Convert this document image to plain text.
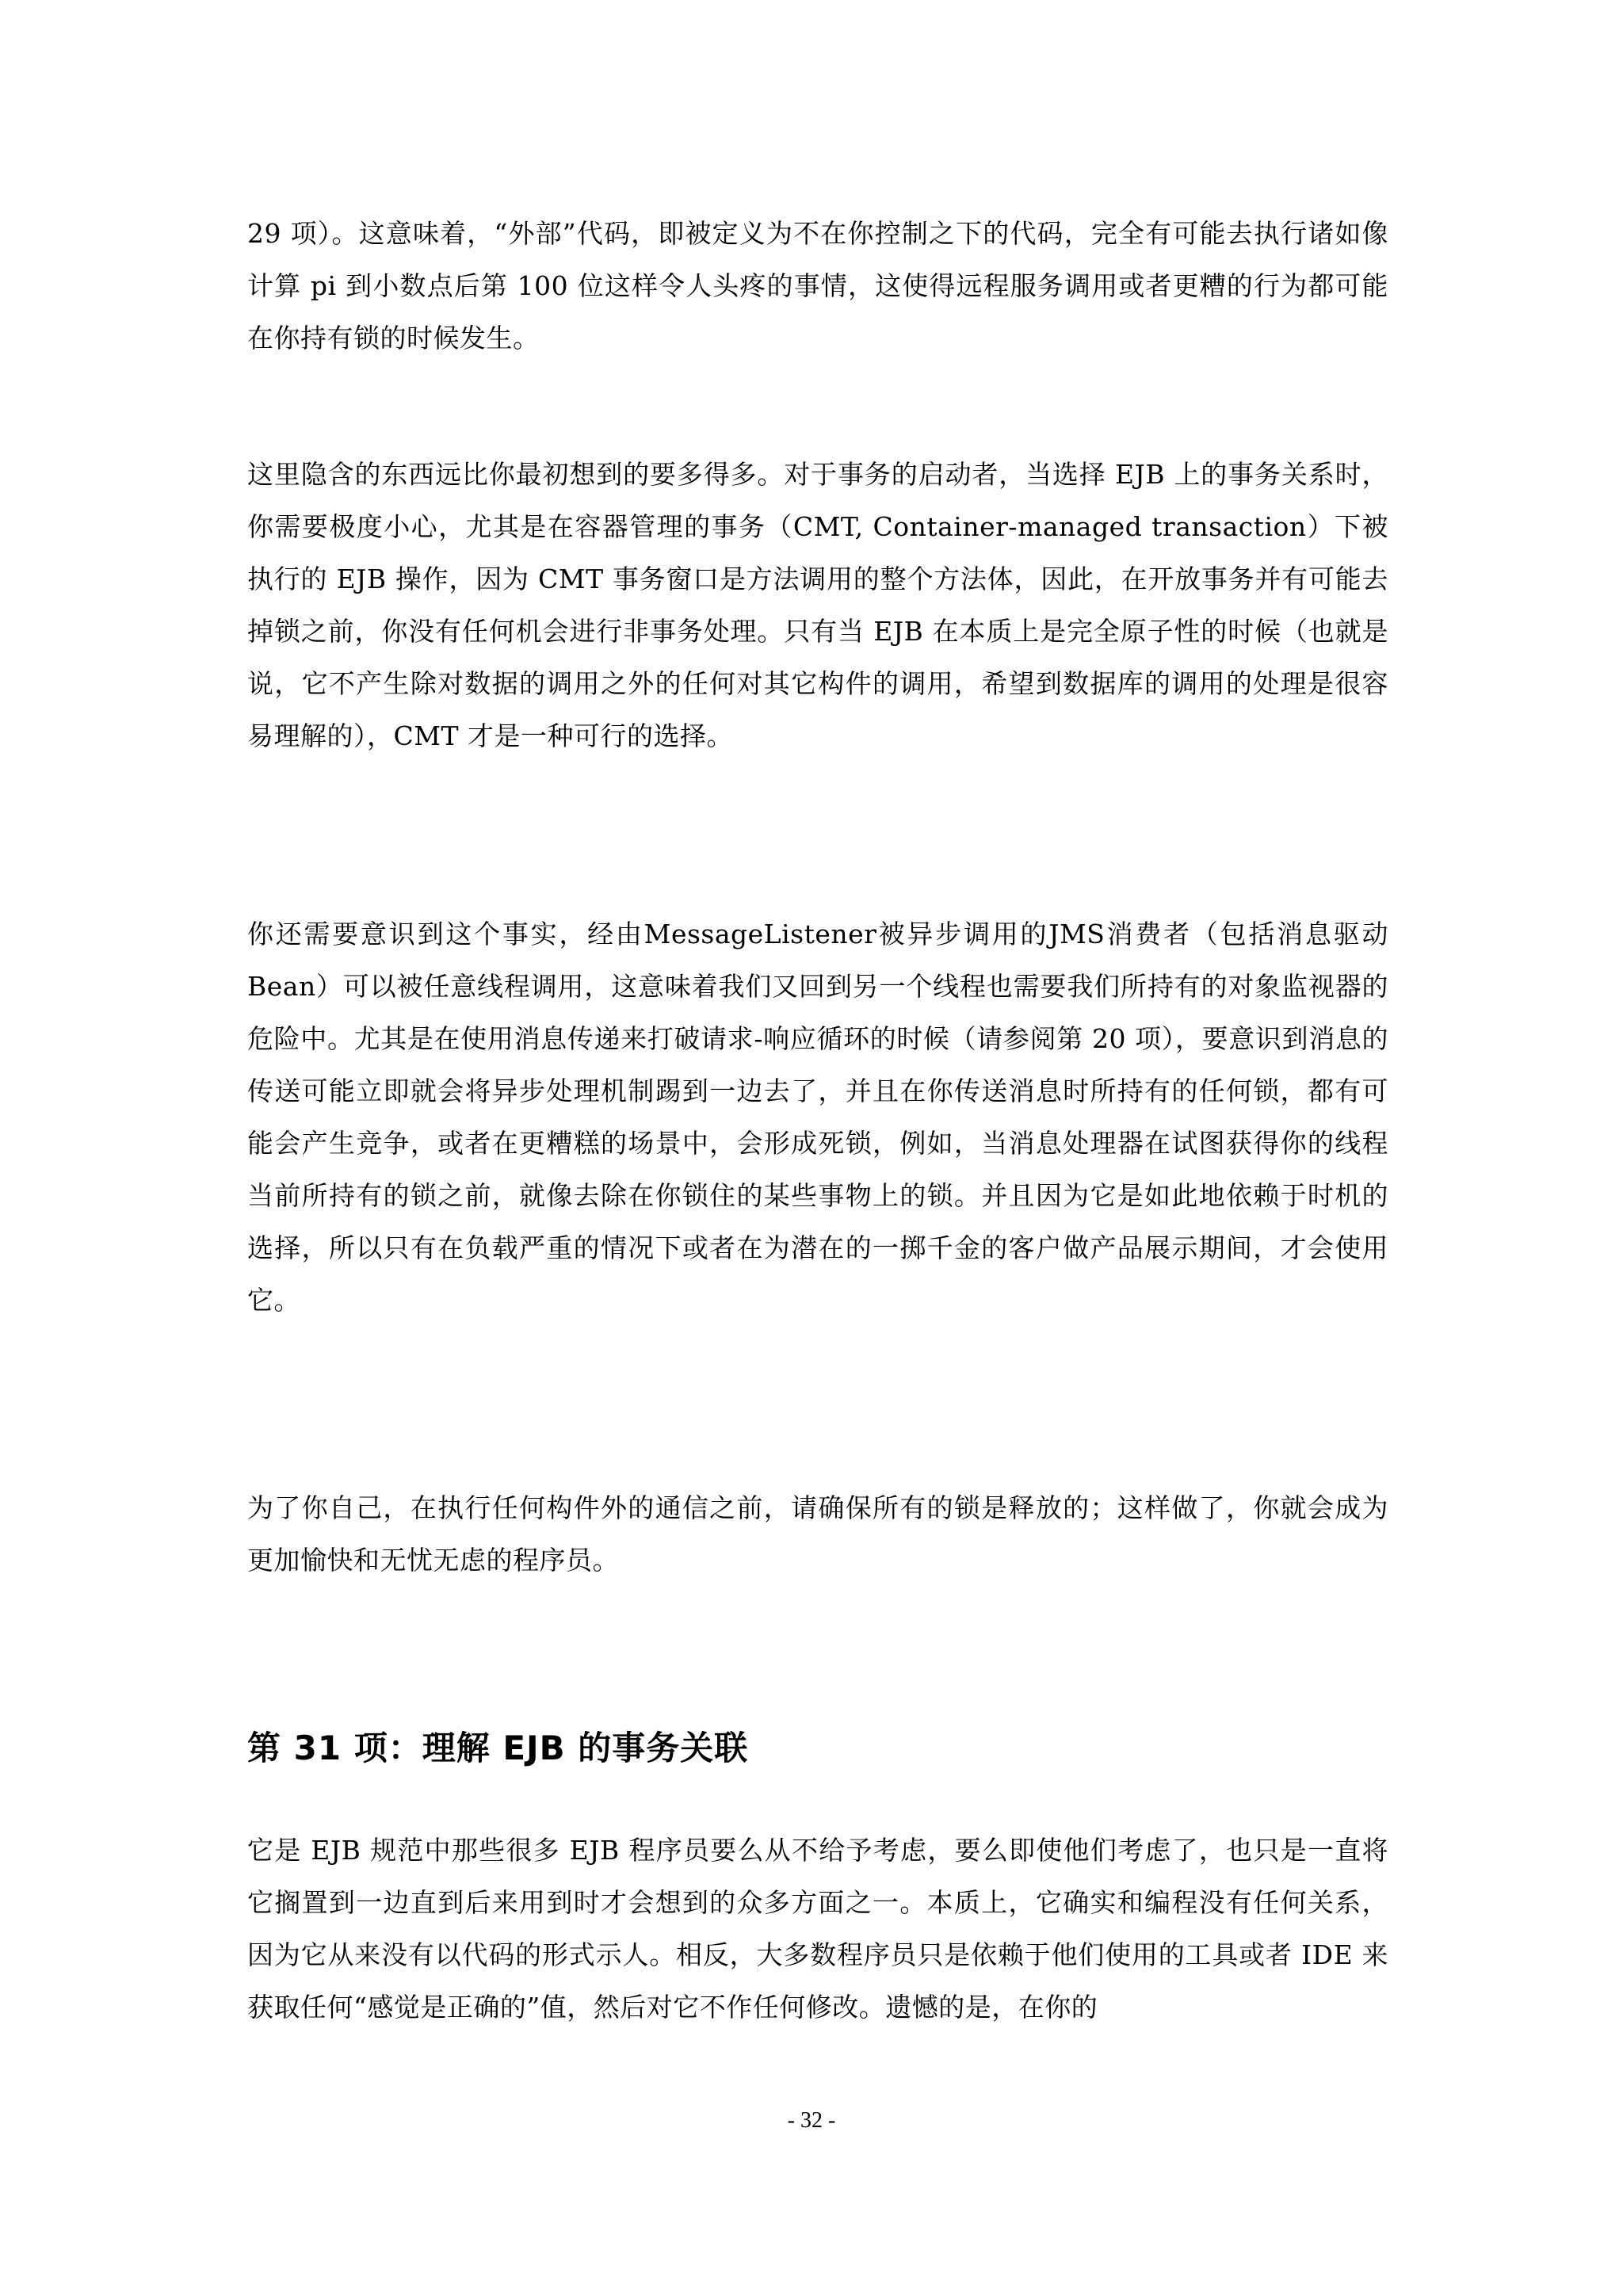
29 项）。这意味着，“外部”代码，即被定义为不在你控制之下的代码，完全有可能去执行诸如像计算 pi 到小数点后第 100 位这样令人头疼的事情，这使得远程服务调用或者更糟的行为都可能在你持有锁的时候发生。

这里隐含的东西远比你最初想到的要多得多。对于事务的启动者，当选择 EJB 上的事务关系时，你需要极度小心，尤其是在容器管理的事务（CMT, Container-managed transaction）下被执行的 EJB 操作，因为 CMT 事务窗口是方法调用的整个方法体，因此，在开放事务并有可能去掉锁之前，你没有任何机会进行非事务处理。只有当 EJB 在本质上是完全原子性的时候（也就是说，它不产生除对数据的调用之外的任何对其它构件的调用，希望到数据库的调用的处理是很容易理解的），CMT 才是一种可行的选择。

你还需要意识到这个事实，经由MessageListener被异步调用的JMS消费者（包括消息驱动Bean）可以被任意线程调用，这意味着我们又回到另一个线程也需要我们所持有的对象监视器的危险中。尤其是在使用消息传递来打破请求-响应循环的时候（请参阅第 20 项），要意识到消息的传送可能立即就会将异步处理机制踢到一边去了，并且在你传送消息时所持有的任何锁，都有可能会产生竞争，或者在更糟糕的场景中，会形成死锁，例如，当消息处理器在试图获得你的线程当前所持有的锁之前，就像去除在你锁住的某些事物上的锁。并且因为它是如此地依赖于时机的选择，所以只有在负载严重的情况下或者在为潜在的一掷千金的客户做产品展示期间，才会使用它。

为了你自己，在执行任何构件外的通信之前，请确保所有的锁是释放的；这样做了，你就会成为更加愉快和无忧无虑的程序员。

第 31 项：理解 EJB 的事务关联

它是 EJB 规范中那些很多 EJB 程序员要么从不给予考虑，要么即使他们考虑了，也只是一直将它搁置到一边直到后来用到时才会想到的众多方面之一。本质上，它确实和编程没有任何关系，因为它从来没有以代码的形式示人。相反，大多数程序员只是依赖于他们使用的工具或者 IDE 来获取任何“感觉是正确的”值，然后对它不作任何修改。遗憾的是，在你的

- 32 -
